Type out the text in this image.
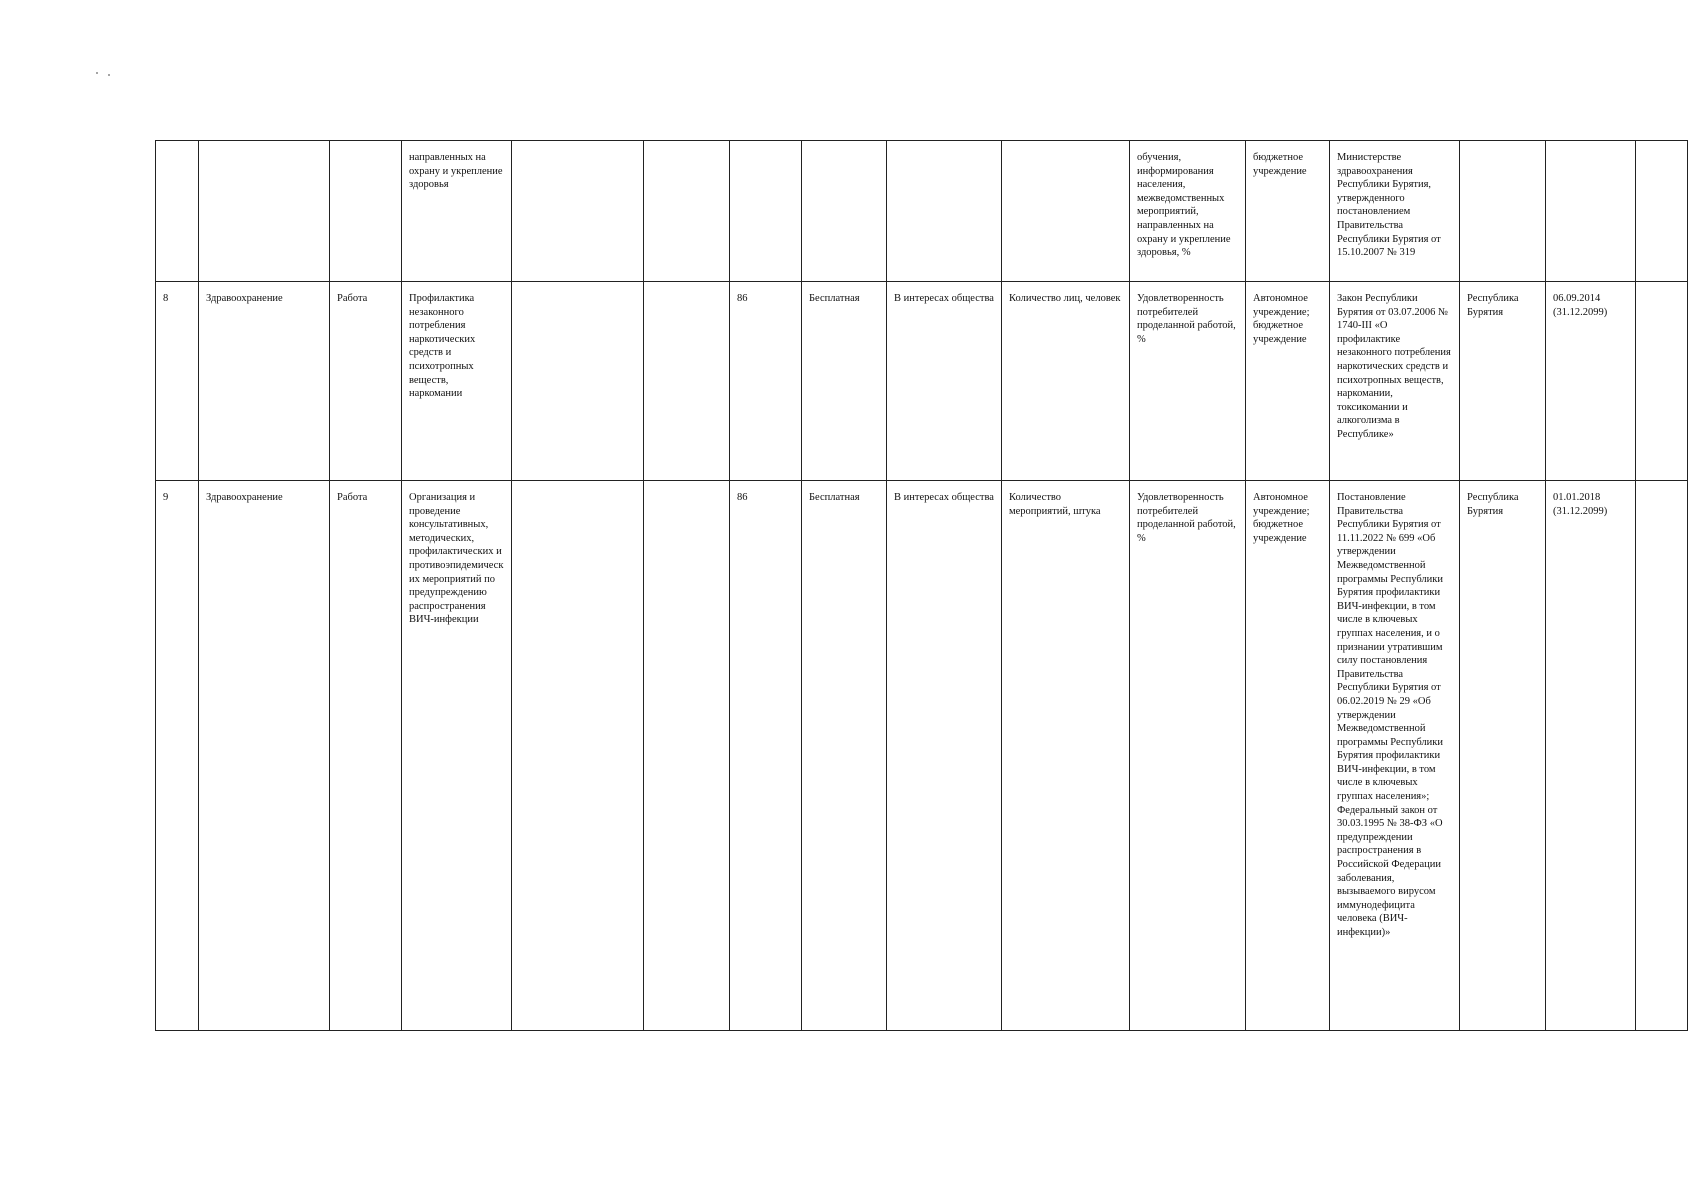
			направленных на охрану и укрепление здоровья							обучения, информирования населения, межведомственных мероприятий, направленных на охрану и укрепление здоровья, %	бюджетное учреждение	Министерстве здравоохранения Республики Бурятия, утвержденного постановлением Правительства Республики Бурятия от 15.10.2007 № 319			
8	Здравоохранение	Работа	Профилактика незаконного потребления наркотических средств и психотропных веществ, наркомании			86	Бесплатная	В интересах общества	Количество лиц, человек	Удовлетворенность потребителей проделанной работой, %	Автономное учреждение; бюджетное учреждение	Закон Республики Бурятия от 03.07.2006 № 1740-III «О профилактике незаконного потребления наркотических средств и психотропных веществ, наркомании, токсикомании и алкоголизма в Республике»	Республика Бурятия	06.09.2014 (31.12.2099)	
9	Здравоохранение	Работа	Организация и проведение консультативных, методических, профилактических и противоэпидемических мероприятий по предупреждению распространения ВИЧ-инфекции			86	Бесплатная	В интересах общества	Количество мероприятий, штука	Удовлетворенность потребителей проделанной работой, %	Автономное учреждение; бюджетное учреждение	Постановление Правительства Республики Бурятия от 11.11.2022 № 699 «Об утверждении Межведомственной программы Республики Бурятия профилактики ВИЧ-инфекции, в том числе в ключевых группах населения, и о признании утратившим силу постановления Правительства Республики Бурятия от 06.02.2019 № 29 «Об утверждении Межведомственной программы Республики Бурятия профилактики ВИЧ-инфекции, в том числе в ключевых группах населения»; Федеральный закон от 30.03.1995 № 38-ФЗ «О предупреждении распространения в Российской Федерации заболевания, вызываемого вирусом иммунодефицита человека (ВИЧ-инфекции)»	Республика Бурятия	01.01.2018 (31.12.2099)	
